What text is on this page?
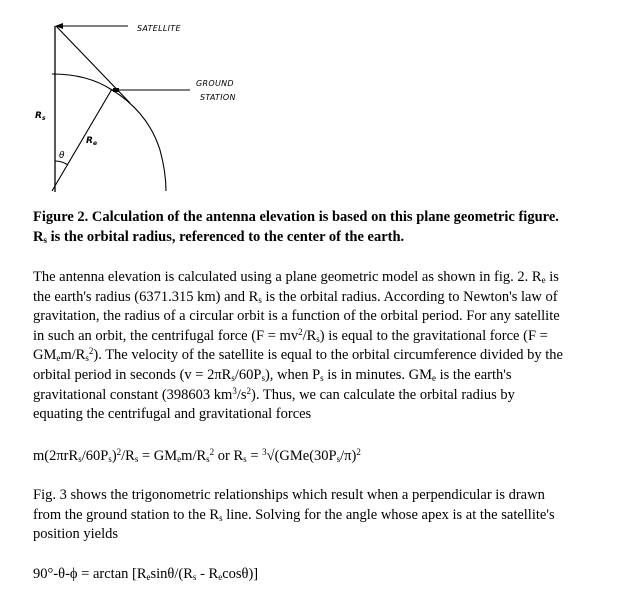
SATELLITE
GROUND
STATION
$R_s$
$R_e$
θ
Figure 2. Calculation of the antenna elevation is based on this plane geometric figure.
$R_s$ is the orbital radius, referenced to the center of the earth.
The antenna elevation is calculated using a plane geometric model as shown in fig. 2. $R_e$ is
the earth's radius (6371.315 km) and $R_s$ is the orbital radius. According to Newton's law of
gravitation, the radius of a circular orbit is a function of the orbital period. For any satellite
in such an orbit, the centrifugal force $(F = mv^2/R_s)$ is equal to the gravitational force (F =
$GM_em/R_s^2$). The velocity of the satellite is equal to the orbital circumference divided by the
orbital period in seconds $(v = 2\pi R_s/60P_s)$, when $P_s$ is in minutes. $GM_e$ is the earth's
gravitational constant (398603 $km^3/s^2$). Thus, we can calculate the orbital radius by
equating the centrifugal and gravitational forces
$m(2\pi rR_s/60P_s)^2/R_s = GM_em/R_s^2$ or $R_s = ^3√(GMe(30P_s/\pi)^2$
Fig. 3 shows the trigonometric relationships which result when a perpendicular is drawn
from the ground station to the $R_s$ line. Solving for the angle whose apex is at the satellite's
position yields
$90^\circ-\theta-\phi = \arctan [R_e\sin\theta/(R_s - R_e\cos\theta)]$
